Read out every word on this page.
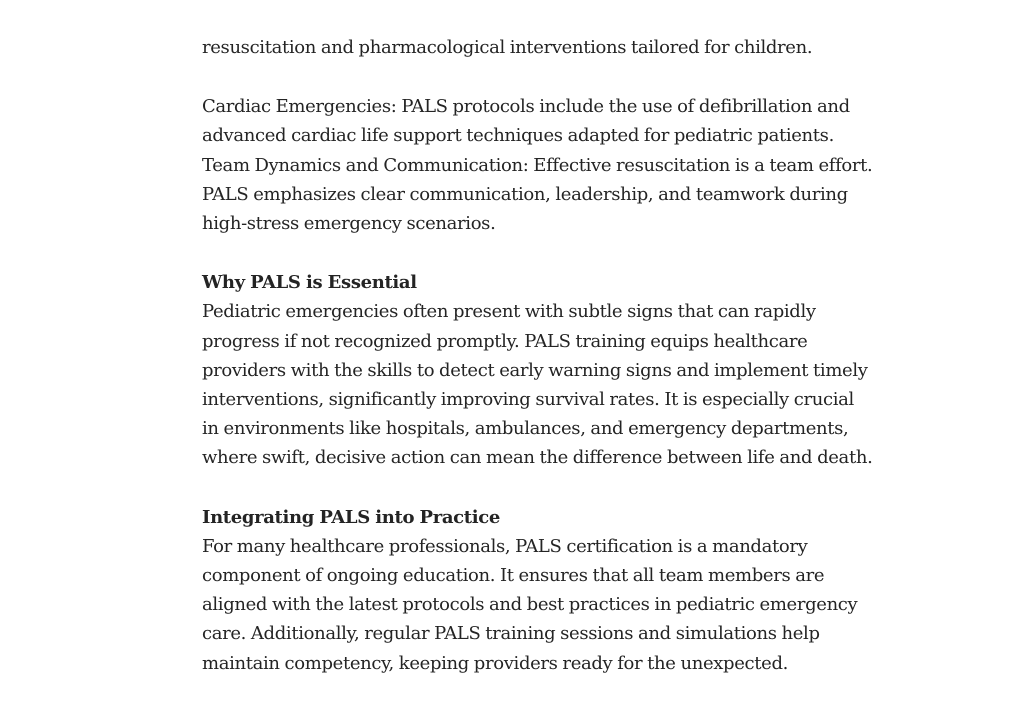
resuscitation and pharmacological interventions tailored for children.

Cardiac Emergencies: PALS protocols include the use of defibrillation and
advanced cardiac life support techniques adapted for pediatric patients.
Team Dynamics and Communication: Effective resuscitation is a team effort.
PALS emphasizes clear communication, leadership, and teamwork during
high-stress emergency scenarios.

Why PALS is Essential

Pediatric emergencies often present with subtle signs that can rapidly
progress if not recognized promptly. PALS training equips healthcare
providers with the skills to detect early warning signs and implement timely
interventions, significantly improving survival rates. It is especially crucial
in environments like hospitals, ambulances, and emergency departments,
where swift, decisive action can mean the difference between life and death.

Integrating PALS into Practice

For many healthcare professionals, PALS certification is a mandatory
component of ongoing education. It ensures that all team members are
aligned with the latest protocols and best practices in pediatric emergency
care. Additionally, regular PALS training sessions and simulations help
maintain competency, keeping providers ready for the unexpected.
